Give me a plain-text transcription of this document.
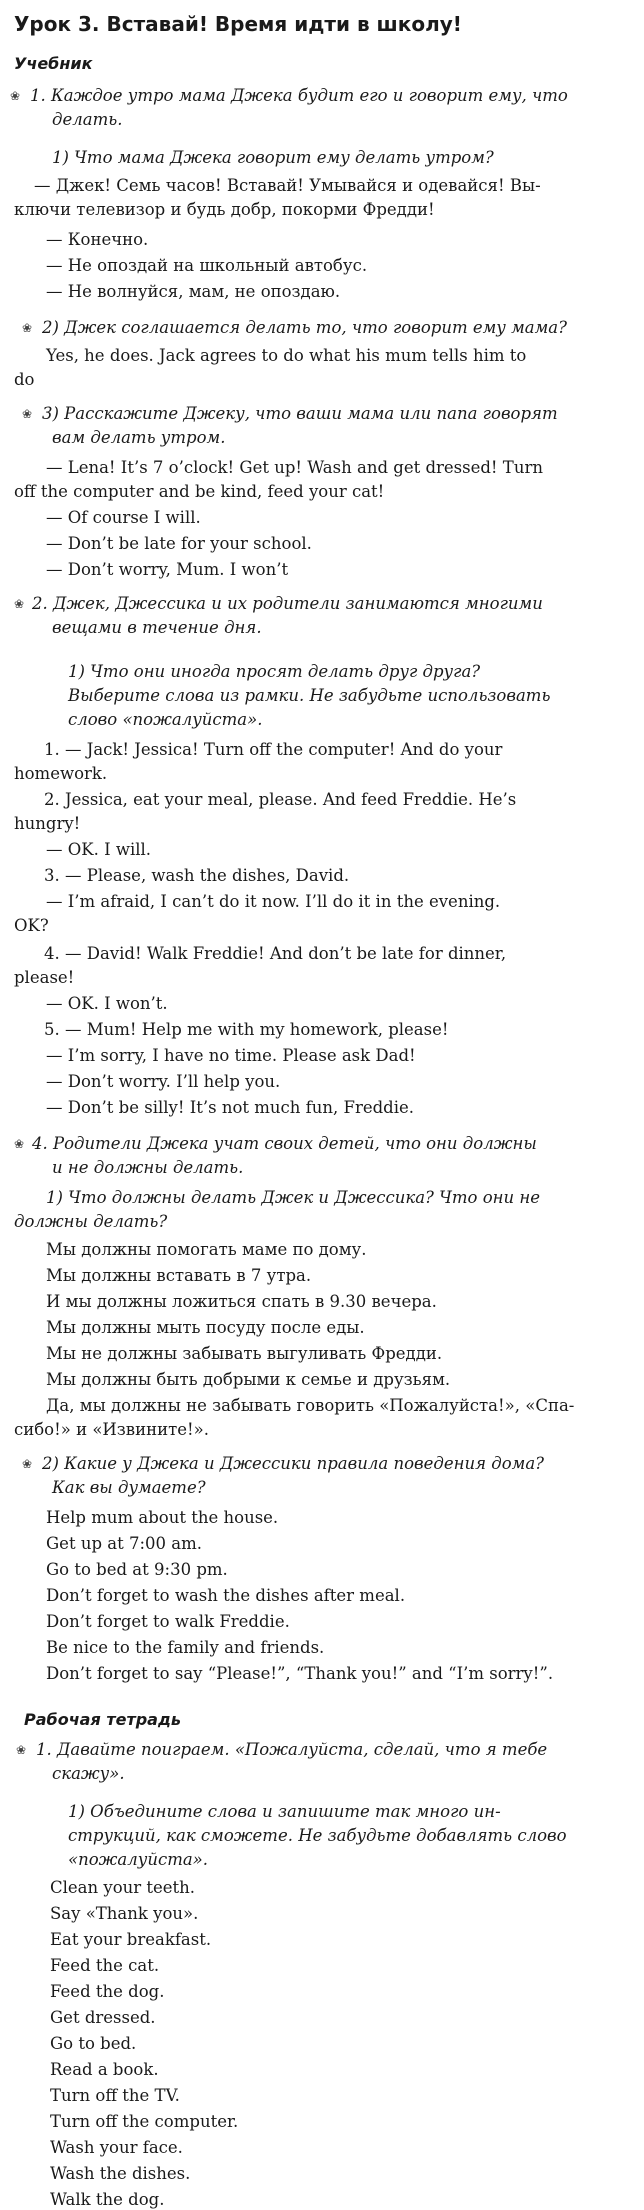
Урок 3. Вставай! Время идти в школу!
Учебник
Рабочая тетрадь
1. Каждое утро мама Джека будит его и говорит ему, что
делать.
1) Что мама Джека говорит ему делать утром?
— Джек! Семь часов! Вставай! Умывайся и одевайся! Вы-
ключи телевизор и будь добр, покорми Фредди!
— Конечно.
— Не опоздай на школьный автобус.
— Не волнуйся, мам, не опоздаю.
2) Джек соглашается делать то, что говорит ему мама?
Yes, he does. Jack agrees to do what his mum tells him to
do
3) Расскажите Джеку, что ваши мама или папа говорят
вам делать утром.
— Lena! It’s 7 o’clock! Get up! Wash and get dressed! Turn
off the computer and be kind, feed your cat!
— Of course I will.
— Don’t be late for your school.
— Don’t worry, Mum. I won’t
2. Джек, Джессика и их родители занимаются многими
вещами в течение дня.
1) Что они иногда просят делать друг друга?
Выберите слова из рамки. Не забудьте использовать
слово «пожалуйста».
1. — Jack! Jessica! Turn off the computer! And do your
homework.
2. Jessica, eat your meal, please. And feed Freddie. He’s
hungry!
— OK. I will.
3. — Please, wash the dishes, David.
— I’m afraid, I can’t do it now. I’ll do it in the evening.
OK?
4. — David! Walk Freddie! And don’t be late for dinner,
please!
— OK. I won’t.
5. — Mum! Help me with my homework, please!
— I’m sorry, I have no time. Please ask Dad!
— Don’t worry. I’ll help you.
— Don’t be silly! It’s not much fun, Freddie.
4. Родители Джека учат своих детей, что они должны
и не должны делать.
1) Что должны делать Джек и Джессика? Что они не
должны делать?
Мы должны помогать маме по дому.
Мы должны вставать в 7 утра.
И мы должны ложиться спать в 9.30 вечера.
Мы должны мыть посуду после еды.
Мы не должны забывать выгуливать Фредди.
Мы должны быть добрыми к семье и друзьям.
Да, мы должны не забывать говорить «Пожалуйста!», «Спа-
сибо!» и «Извините!».
2) Какие у Джека и Джессики правила поведения дома?
Как вы думаете?
Help mum about the house.
Get up at 7:00 am.
Go to bed at 9:30 pm.
Don’t forget to wash the dishes after meal.
Don’t forget to walk Freddie.
Be nice to the family and friends.
Don’t forget to say “Please!”, “Thank you!” and “I’m sorry!”.
1. Давайте поиграем. «Пожалуйста, сделай, что я тебе
скажу».
1) Объедините слова и запишите так много ин-
струкций, как сможете. Не забудьте добавлять слово
«пожалуйста».
Clean your teeth.
Say «Thank you».
Eat your breakfast.
Feed the cat.
Feed the dog.
Get dressed.
Go to bed.
Read a book.
Turn off the TV.
Turn off the computer.
Wash your face.
Wash the dishes.
Walk the dog.
❀
❀
❀
❀
❀
❀
❀
